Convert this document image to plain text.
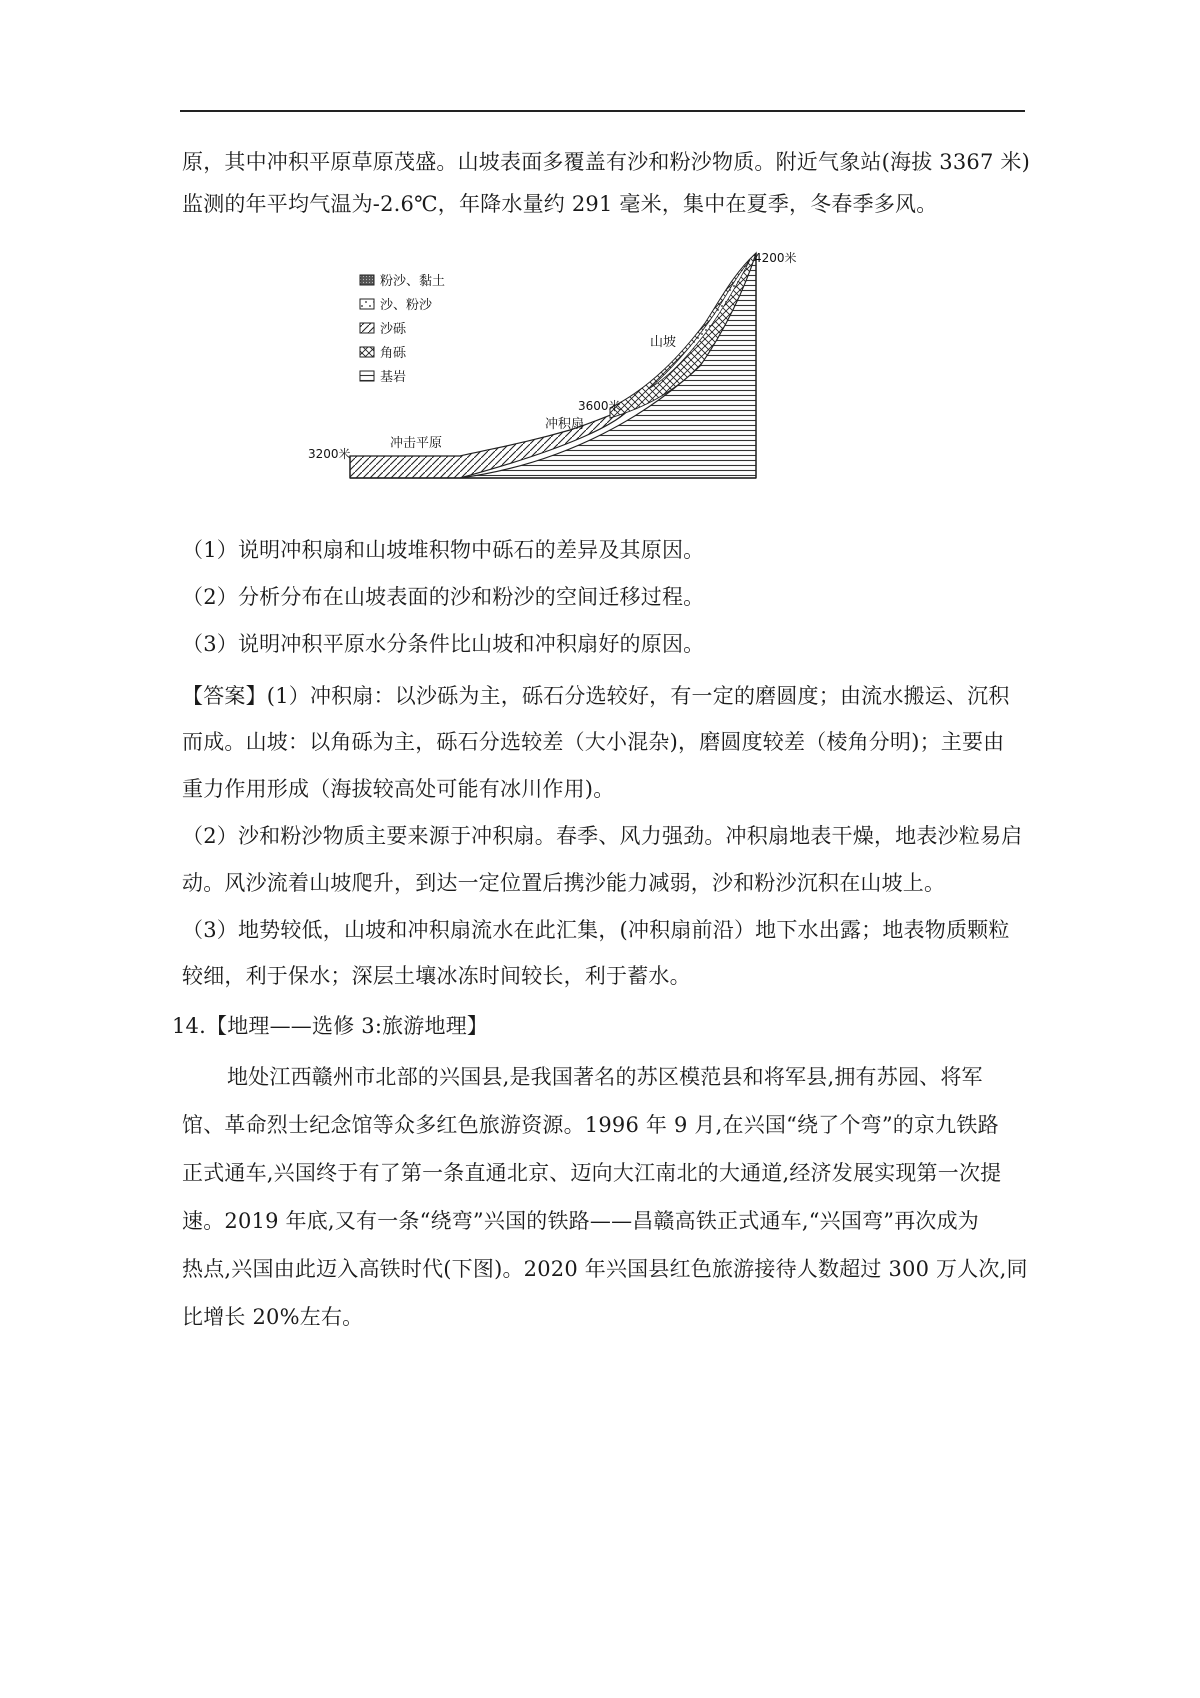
原，其中冲积平原草原茂盛。山坡表面多覆盖有沙和粉沙物质。附近气象站(海拔 3367 米)
监测的年平均气温为-2.6℃，年降水量约 291 毫米，集中在夏季，冬春季多风。
粉沙、黏土
沙、粉沙
沙砾
角砾
基岩
4200米
3600米
3200米
山坡
冲积扇
冲击平原
（1）说明冲积扇和山坡堆积物中砾石的差异及其原因。
（2）分析分布在山坡表面的沙和粉沙的空间迁移过程。
（3）说明冲积平原水分条件比山坡和冲积扇好的原因。
【答案】(1）冲积扇：以沙砾为主，砾石分选较好，有一定的磨圆度；由流水搬运、沉积
而成。山坡：以角砾为主，砾石分选较差（大小混杂)，磨圆度较差（棱角分明)；主要由
重力作用形成（海拔较高处可能有冰川作用)。
（2）沙和粉沙物质主要来源于冲积扇。春季、风力强劲。冲积扇地表干燥，地表沙粒易启
动。风沙流着山坡爬升，到达一定位置后携沙能力减弱，沙和粉沙沉积在山坡上。
（3）地势较低，山坡和冲积扇流水在此汇集，(冲积扇前沿）地下水出露；地表物质颗粒
较细，利于保水；深层土壤冰冻时间较长，利于蓄水。
14.【地理——选修 3:旅游地理】
地处江西赣州市北部的兴国县,是我国著名的苏区模范县和将军县,拥有苏园、将军
馆、革命烈士纪念馆等众多红色旅游资源。1996 年 9 月,在兴国“绕了个弯”的京九铁路
正式通车,兴国终于有了第一条直通北京、迈向大江南北的大通道,经济发展实现第一次提
速。2019 年底,又有一条“绕弯”兴国的铁路——昌赣高铁正式通车,“兴国弯”再次成为
热点,兴国由此迈入高铁时代(下图)。2020 年兴国县红色旅游接待人数超过 300 万人次,同
比增长 20%左右。
